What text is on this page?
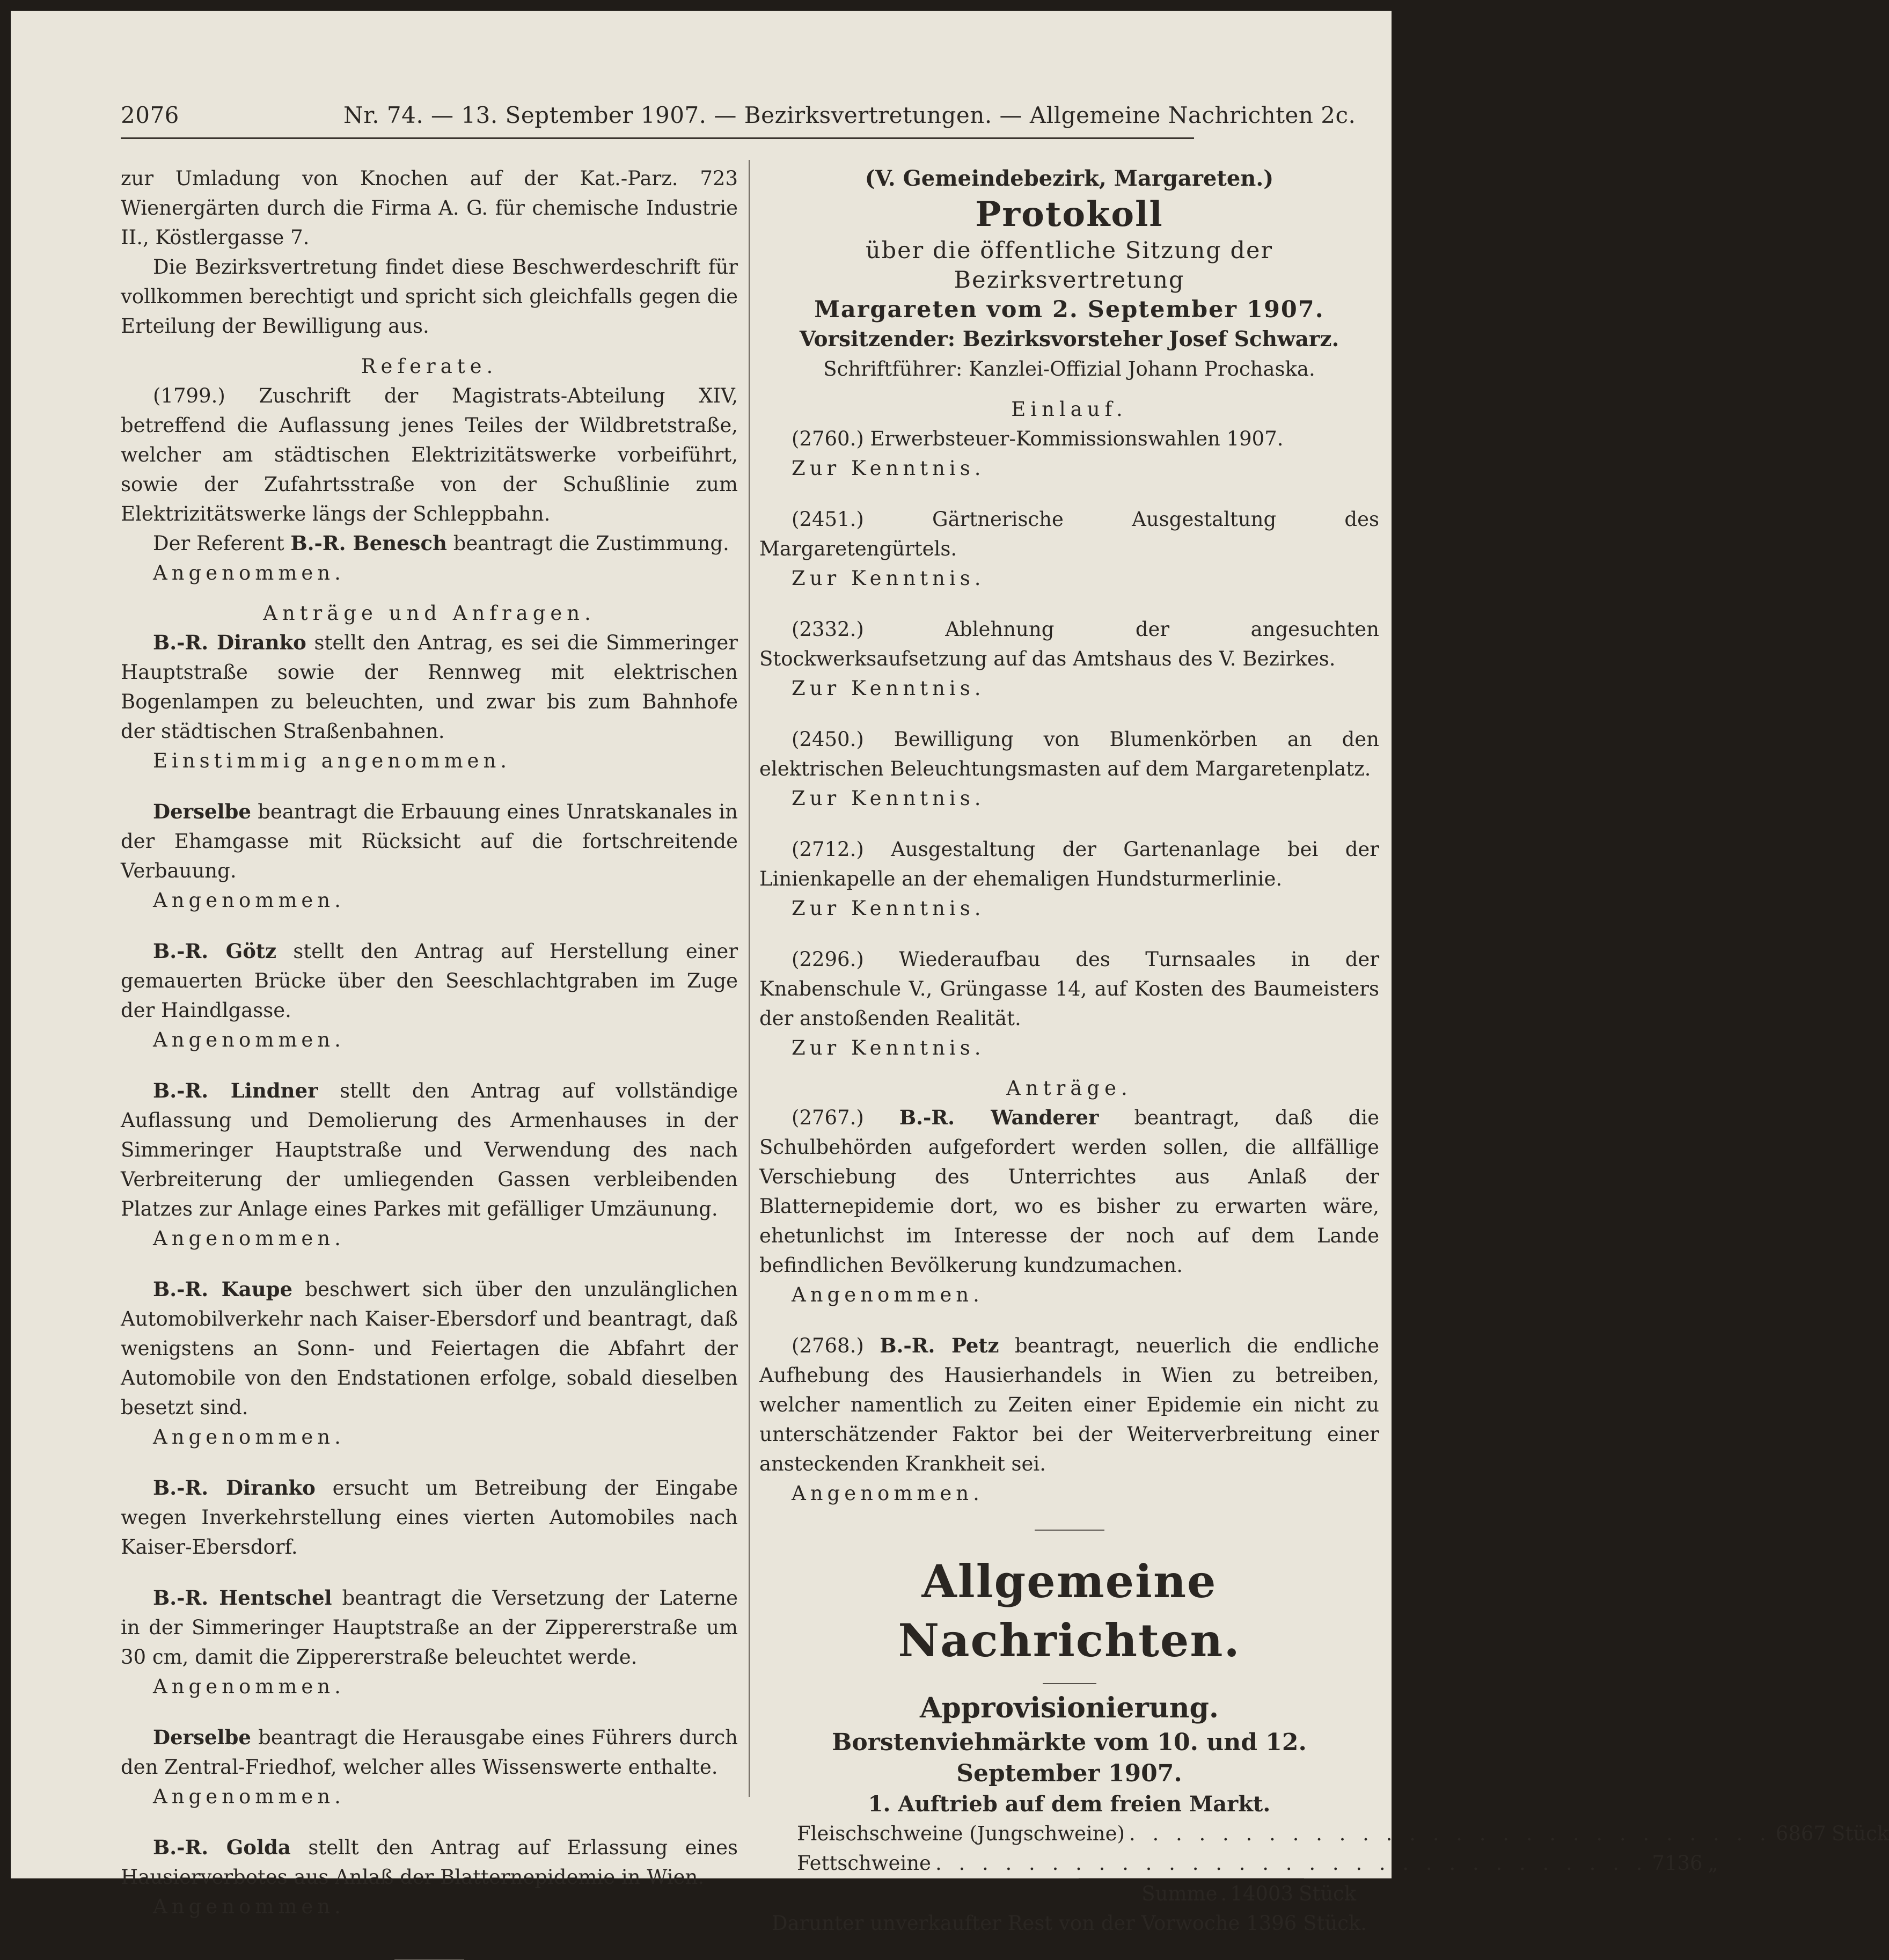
2076	Nr. 74. — 13. September 1907. — Bezirksvertretungen. — Allgemeine Nachrichten 2c.

zur Umladung von Knochen auf der Kat.-Parz. 723 Wienergärten durch die Firma A. G. für chemische Industrie II., Köstlergasse 7.

Die Bezirksvertretung findet diese Beschwerdeschrift für vollkommen berechtigt und spricht sich gleichfalls gegen die Erteilung der Bewilligung aus.

Referate.

(1799.) Zuschrift der Magistrats-Abteilung XIV, betreffend die Auflassung jenes Teiles der Wildbretstraße, welcher am städtischen Elektrizitätswerke vorbeiführt, sowie der Zufahrtsstraße von der Schußlinie zum Elektrizitätswerke längs der Schleppbahn.

Der Referent B.-R. Benesch beantragt die Zustimmung.

Angenommen.

Anträge und Anfragen.

B.-R. Diranko stellt den Antrag, es sei die Simmeringer Hauptstraße sowie der Rennweg mit elektrischen Bogenlampen zu beleuchten, und zwar bis zum Bahnhofe der städtischen Straßenbahnen.

Einstimmig angenommen.

Derselbe beantragt die Erbauung eines Unratskanales in der Ehamgasse mit Rücksicht auf die fortschreitende Verbauung.

Angenommen.

B.-R. Götz stellt den Antrag auf Herstellung einer gemauerten Brücke über den Seeschlachtgraben im Zuge der Haindlgasse.

Angenommen.

B.-R. Lindner stellt den Antrag auf vollständige Auflassung und Demolierung des Armenhauses in der Simmeringer Hauptstraße und Verwendung des nach Verbreiterung der umliegenden Gassen verbleibenden Platzes zur Anlage eines Parkes mit gefälliger Umzäunung.

Angenommen.

B.-R. Kaupe beschwert sich über den unzulänglichen Automobilverkehr nach Kaiser-Ebersdorf und beantragt, daß wenigstens an Sonn- und Feiertagen die Abfahrt der Automobile von den Endstationen erfolge, sobald dieselben besetzt sind.

Angenommen.

B.-R. Diranko ersucht um Betreibung der Eingabe wegen Inverkehrstellung eines vierten Automobiles nach Kaiser-Ebersdorf.

B.-R. Hentschel beantragt die Versetzung der Laterne in der Simmeringer Hauptstraße an der Zippererstraße um 30 cm, damit die Zippererstraße beleuchtet werde.

Angenommen.

Derselbe beantragt die Herausgabe eines Führers durch den Zentral-Friedhof, welcher alles Wissenswerte enthalte.

Angenommen.

B.-R. Golda stellt den Antrag auf Erlassung eines Hausierverbotes aus Anlaß der Blatternepidemie in Wien.

Angenommen.

(V. Gemeindebezirk, Margareten.)

Protokoll

über die öffentliche Sitzung der Bezirksvertretung

Margareten vom 2. September 1907.

Vorsitzender: Bezirksvorsteher Josef Schwarz.

Schriftführer: Kanzlei-Offizial Johann Prochaska.

Einlauf.

(2760.) Erwerbsteuer-Kommissionswahlen 1907.

Zur Kenntnis.

(2451.) Gärtnerische Ausgestaltung des Margaretengürtels.

Zur Kenntnis.

(2332.) Ablehnung der angesuchten Stockwerksaufsetzung auf das Amtshaus des V. Bezirkes.

Zur Kenntnis.

(2450.) Bewilligung von Blumenkörben an den elektrischen Beleuchtungsmasten auf dem Margaretenplatz.

Zur Kenntnis.

(2712.) Ausgestaltung der Gartenanlage bei der Linienkapelle an der ehemaligen Hundsturmerlinie.

Zur Kenntnis.

(2296.) Wiederaufbau des Turnsaales in der Knabenschule V., Grüngasse 14, auf Kosten des Baumeisters der anstoßenden Realität.

Zur Kenntnis.

Anträge.

(2767.) B.-R. Wanderer beantragt, daß die Schulbehörden aufgefordert werden sollen, die allfällige Verschiebung des Unterrichtes aus Anlaß der Blatternepidemie dort, wo es bisher zu erwarten wäre, ehetunlichst im Interesse der noch auf dem Lande befindlichen Bevölkerung kundzumachen.

Angenommen.

(2768.) B.-R. Petz beantragt, neuerlich die endliche Aufhebung des Hausierhandels in Wien zu betreiben, welcher namentlich zu Zeiten einer Epidemie ein nicht zu unterschätzender Faktor bei der Weiterverbreitung einer ansteckenden Krankheit sei.

Angenommen.

Allgemeine Nachrichten.

Approvisionierung.

Borstenviehmärkte vom 10. und 12. September 1907.

1. Auftrieb auf dem freien Markt.

Fleischschweine (Jungschweine) . . . . . . . . . . . . . . . . . . . . . . . . . . . . 6867 Stück
Fettschweine . . . . . . . . . . . . . . . . . . . . . . . . . . . . . . . 7136 „
Summe . 14003 Stück

Darunter unverkaufter Rest von der Vorwoche 1396 Stück.
